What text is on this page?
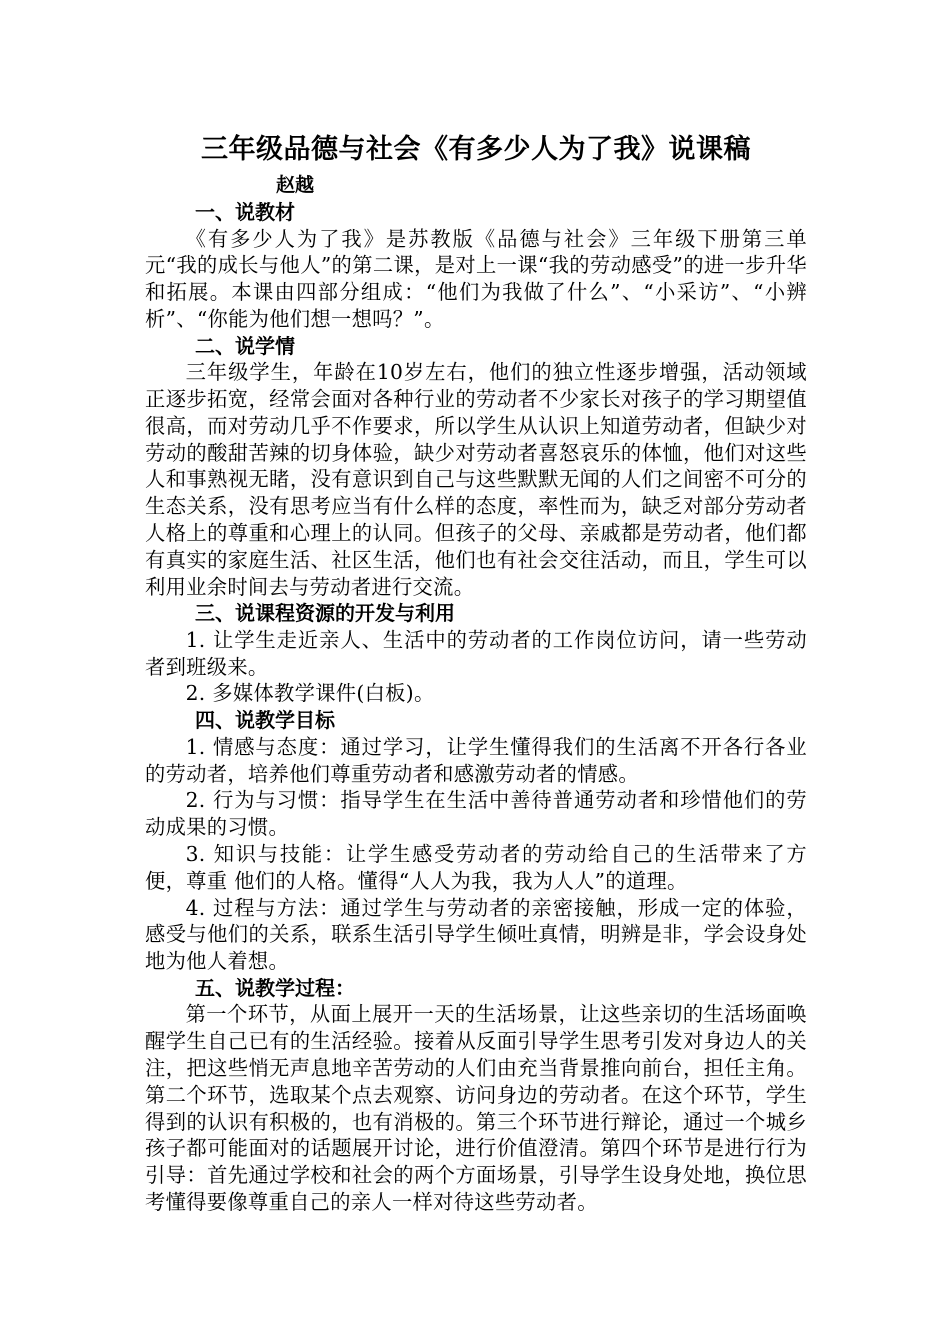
三年级品德与社会《有多少人为了我》说课稿
赵越
一、说教材

《有多少人为了我》是苏教版《品德与社会》三年级下册第三单元“我的成长与他人”的第二课，是对上一课“我的劳动感受”的进一步升华和拓展。本课由四部分组成：“他们为我做了什么”、“小采访”、“小辨析”、“你能为他们想一想吗？”。

二、说学情

三年级学生，年龄在10岁左右，他们的独立性逐步增强，活动领域正逐步拓宽，经常会面对各种行业的劳动者不少家长对孩子的学习期望值很高，而对劳动几乎不作要求，所以学生从认识上知道劳动者，但缺少对劳动的酸甜苦辣的切身体验，缺少对劳动者喜怒哀乐的体恤，他们对这些人和事熟视无睹，没有意识到自己与这些默默无闻的人们之间密不可分的生态关系，没有思考应当有什么样的态度，率性而为，缺乏对部分劳动者人格上的尊重和心理上的认同。但孩子的父母、亲戚都是劳动者，他们都有真实的家庭生活、社区生活，他们也有社会交往活动，而且，学生可以利用业余时间去与劳动者进行交流。

三、说课程资源的开发与利用

1. 让学生走近亲人、生活中的劳动者的工作岗位访问，请一些劳动者到班级来。

2. 多媒体教学课件(白板)。

四、说教学目标

1. 情感与态度：通过学习，让学生懂得我们的生活离不开各行各业的劳动者，培养他们尊重劳动者和感激劳动者的情感。

2. 行为与习惯：指导学生在生活中善待普通劳动者和珍惜他们的劳动成果的习惯。

3. 知识与技能：让学生感受劳动者的劳动给自己的生活带来了方便，尊重 他们的人格。懂得“人人为我，我为人人”的道理。

4. 过程与方法：通过学生与劳动者的亲密接触，形成一定的体验，感受与他们的关系，联系生活引导学生倾吐真情，明辨是非，学会设身处地为他人着想。

五、说教学过程：

第一个环节，从面上展开一天的生活场景，让这些亲切的生活场面唤醒学生自己已有的生活经验。接着从反面引导学生思考引发对身边人的关注，把这些悄无声息地辛苦劳动的人们由充当背景推向前台，担任主角。第二个环节，选取某个点去观察、访问身边的劳动者。在这个环节，学生得到的认识有积极的，也有消极的。第三个环节进行辩论，通过一个城乡孩子都可能面对的话题展开讨论，进行价值澄清。第四个环节是进行行为引导：首先通过学校和社会的两个方面场景，引导学生设身处地，换位思考懂得要像尊重自己的亲人一样对待这些劳动者。
